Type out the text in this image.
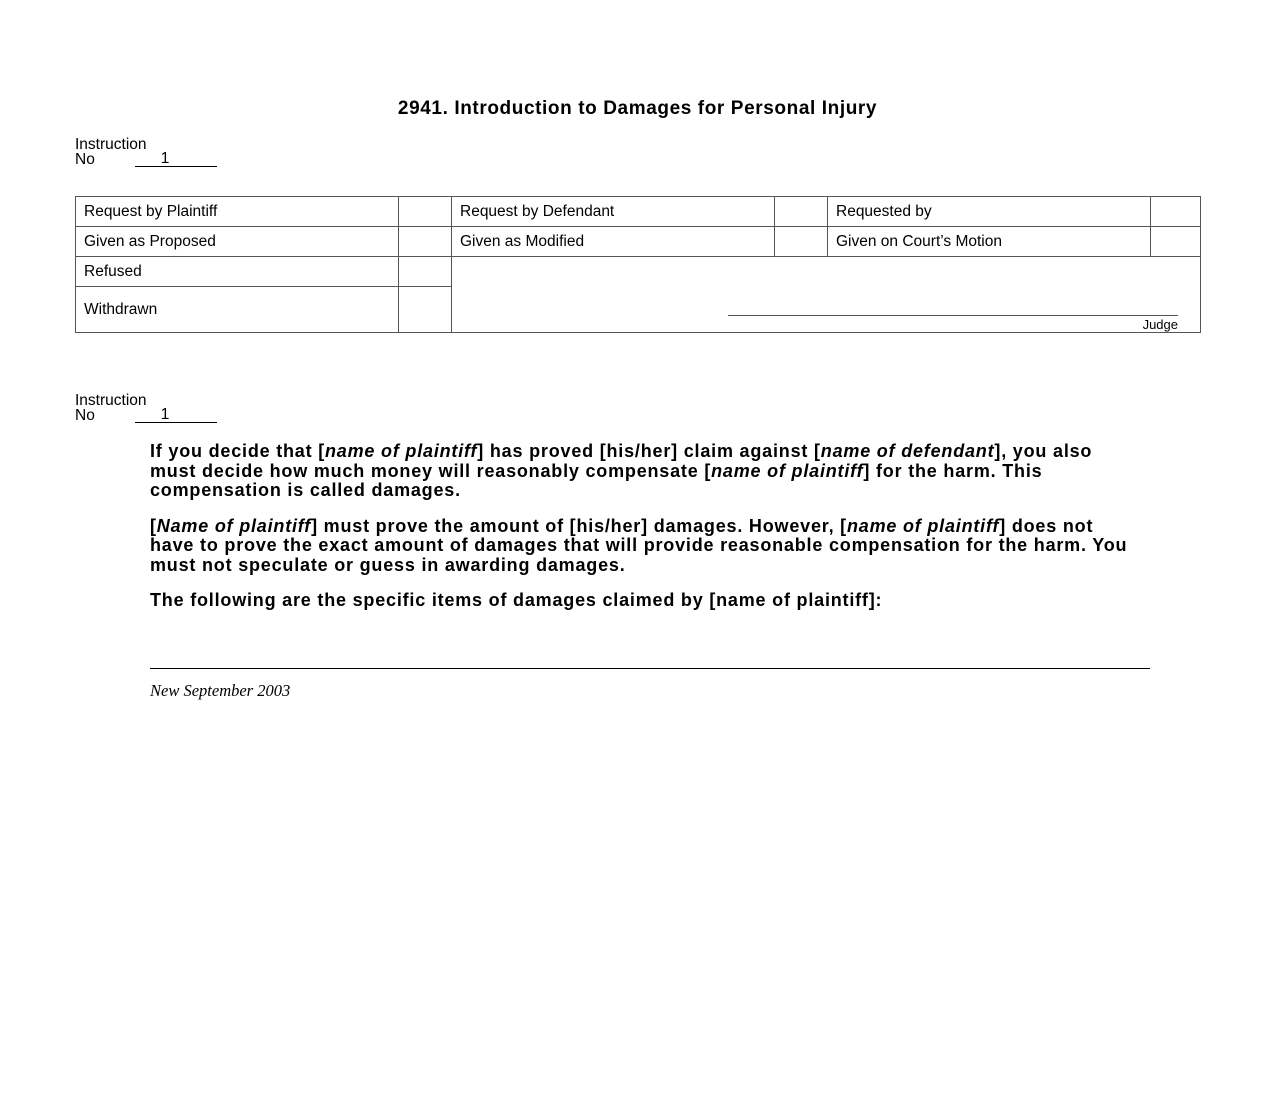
2941. Introduction to Damages for Personal Injury
Instruction
No	1
Request by Plaintiff		Request by Defendant		Requested by	
Given as Proposed		Given as Modified		Given on Court’s Motion	
Refused		Judge			

Withdrawn					
Instruction
No	1

If you decide that [name of plaintiff] has proved [his/her] claim against [name of defendant], you also must decide how much money will reasonably compensate [name of plaintiff] for the harm. This compensation is called damages.

[Name of plaintiff] must prove the amount of [his/her] damages. However, [name of plaintiff] does not have to prove the exact amount of damages that will provide reasonable compensation for the harm. You must not speculate or guess in awarding damages.

The following are the specific items of damages claimed by [name of plaintiff]:

New September 2003
